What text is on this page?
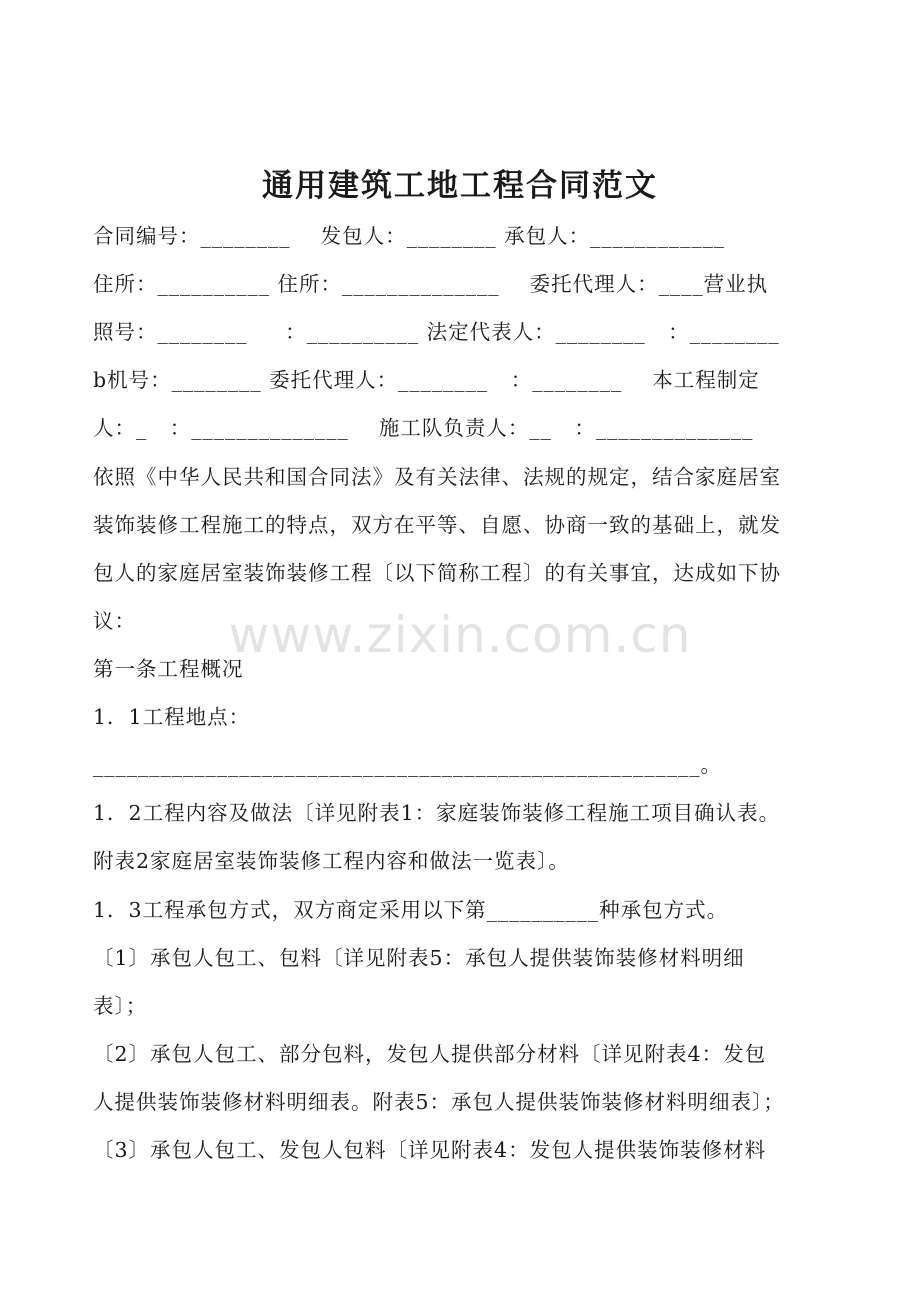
通用建筑工地工程合同范文
合同编号：________    发包人：________ 承包人：____________
住所：__________ 住所：______________    委托代理人：____营业执
照号：________     ：__________ 法定代表人：________   ：________
b机号：________ 委托代理人：________   ：________    本工程制定
人：_   ：______________    施工队负责人：__   ：______________
依照《中华人民共和国合同法》及有关法律、法规的规定，结合家庭居室
装饰装修工程施工的特点，双方在平等、自愿、协商一致的基础上，就发
包人的家庭居室装饰装修工程〔以下简称工程〕的有关事宜，达成如下协
议：
第一条工程概况
1．1工程地点：
______________________________________________________。
1．2工程内容及做法〔详见附表1：家庭装饰装修工程施工项目确认表。
附表2家庭居室装饰装修工程内容和做法一览表〕。
1．3工程承包方式，双方商定采用以下第__________种承包方式。
〔1〕承包人包工、包料〔详见附表5：承包人提供装饰装修材料明细
表〕；
〔2〕承包人包工、部分包料，发包人提供部分材料〔详见附表4：发包
人提供装饰装修材料明细表。附表5：承包人提供装饰装修材料明细表〕；
〔3〕承包人包工、发包人包料〔详见附表4：发包人提供装饰装修材料
www.zixin.com.cn
